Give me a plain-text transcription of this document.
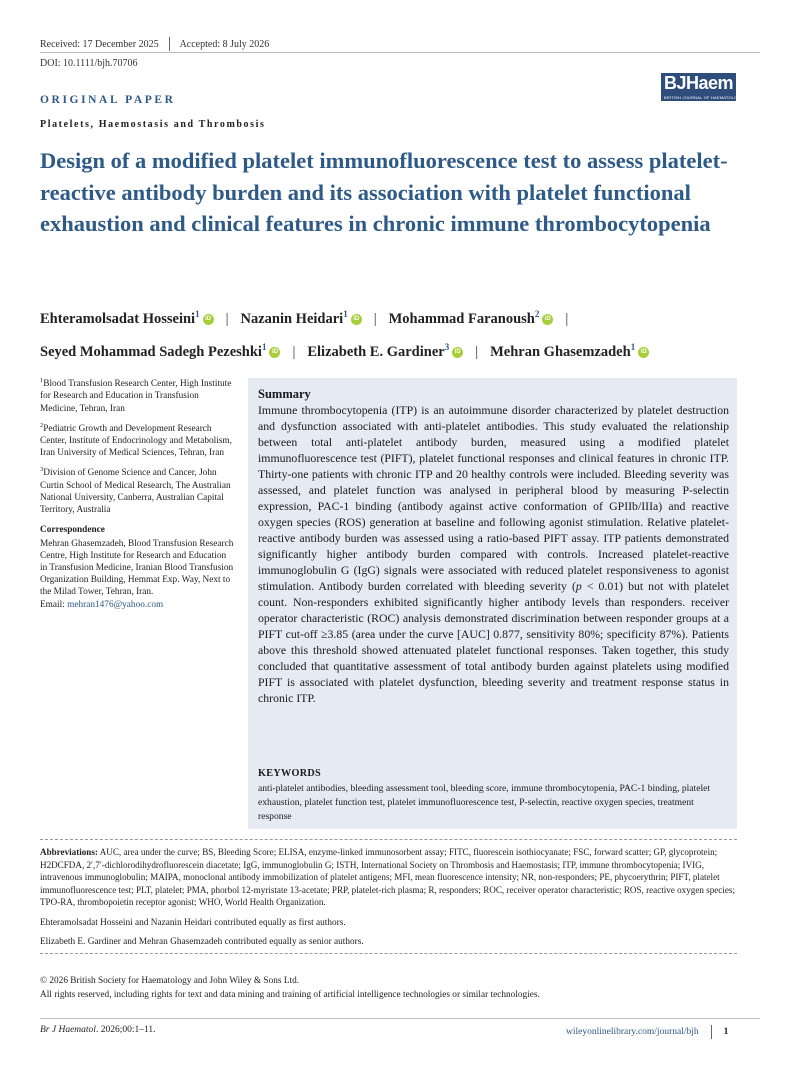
Received: 17 December 2025 Accepted: 8 July 2026
DOI: 10.1111/bjh.70706
BJHaem
BRITISH JOURNAL OF HAEMATOLOGY
ORIGINAL PAPER
Platelets, Haemostasis and Thrombosis
Design of a modified platelet immunofluorescence test to assess platelet-reactive antibody burden and its association with platelet functional exhaustion and clinical features in chronic immune thrombocytopenia
Ehteramolsadat Hosseini$^1$ iD | Nazanin Heidari$^1$ iD | Mohammad Faranoush$^2$ iD |
Seyed Mohammad Sadegh Pezeshki$^1$ iD | Elizabeth E. Gardiner$^3$ iD | Mehran Ghasemzadeh$^1$ iD

$^1$Blood Transfusion Research Center, High Institute for Research and Education in Transfusion Medicine, Tehran, Iran

$^2$Pediatric Growth and Development Research Center, Institute of Endocrinology and Metabolism, Iran University of Medical Sciences, Tehran, Iran

$^3$Division of Genome Science and Cancer, John Curtin School of Medical Research, The Australian National University, Canberra, Australian Capital Territory, Australia

Correspondence

Mehran Ghasemzadeh, Blood Transfusion Research Centre, High Institute for Research and Education in Transfusion Medicine, Iranian Blood Transfusion Organization Building, Hemmat Exp. Way, Next to the Milad Tower, Tehran, Iran.
Email: mehran1476@yahoo.com

Summary
Immune thrombocytopenia (ITP) is an autoimmune disorder characterized by platelet destruction and dysfunction associated with anti-platelet antibodies. This study evaluated the relationship between total anti-platelet antibody burden, measured using a modified platelet immunofluorescence test (PIFT), platelet functional responses and clinical features in chronic ITP. Thirty-one patients with chronic ITP and 20 healthy controls were included. Bleeding severity was assessed, and platelet function was analysed in peripheral blood by measuring P-selectin expression, PAC-1 binding (antibody against active conformation of GPIIb/IIIa) and reactive oxygen species (ROS) generation at baseline and following agonist stimulation. Relative platelet-reactive antibody burden was assessed using a ratio-based PIFT assay. ITP patients demonstrated significantly higher antibody burden compared with controls. Increased platelet-reactive immunoglobulin G (IgG) signals were associated with reduced platelet responsiveness to agonist stimulation. Antibody burden correlated with bleeding severity (p < 0.01) but not with platelet count. Non-responders exhibited significantly higher antibody levels than responders. receiver operator characteristic (ROC) analysis demonstrated discrimination between responder groups at a PIFT cut-off ≥3.85 (area under the curve [AUC] 0.877, sensitivity 80%; specificity 87%). Patients above this threshold showed attenuated platelet functional responses. Taken together, this study concluded that quantitative assessment of total antibody burden against platelets using modified PIFT is associated with platelet dysfunction, bleeding severity and treatment response status in chronic ITP.
KEYWORDS
anti-platelet antibodies, bleeding assessment tool, bleeding score, immune thrombocytopenia, PAC-1 binding, platelet exhaustion, platelet function test, platelet immunofluorescence test, P-selectin, reactive oxygen species, treatment response
Abbreviations: AUC, area under the curve; BS, Bleeding Score; ELISA, enzyme-linked immunosorbent assay; FITC, fluorescein isothiocyanate; FSC, forward scatter; GP, glycoprotein; H2DCFDA, 2′,7′-dichlorodihydrofluorescein diacetate; IgG, immunoglobulin G; ISTH, International Society on Thrombosis and Haemostasis; ITP, immune thrombocytopenia; IVIG, intravenous immunoglobulin; MAIPA, monoclonal antibody immobilization of platelet antigens; MFI, mean fluorescence intensity; NR, non-responders; PE, phycoerythrin; PIFT, platelet immunofluorescence test; PLT, platelet; PMA, phorbol 12-myristate 13-acetate; PRP, platelet-rich plasma; R, responders; ROC, receiver operator characteristic; ROS, reactive oxygen species; TPO-RA, thrombopoietin receptor agonist; WHO, World Health Organization.
Ehteramolsadat Hosseini and Nazanin Heidari contributed equally as first authors.
Elizabeth E. Gardiner and Mehran Ghasemzadeh contributed equally as senior authors.
© 2026 British Society for Haematology and John Wiley & Sons Ltd.
All rights reserved, including rights for text and data mining and training of artificial intelligence technologies or similar technologies.
Br J Haematol. 2026;00:1–11.	wileyonlinelibrary.com/journal/bjh	1
